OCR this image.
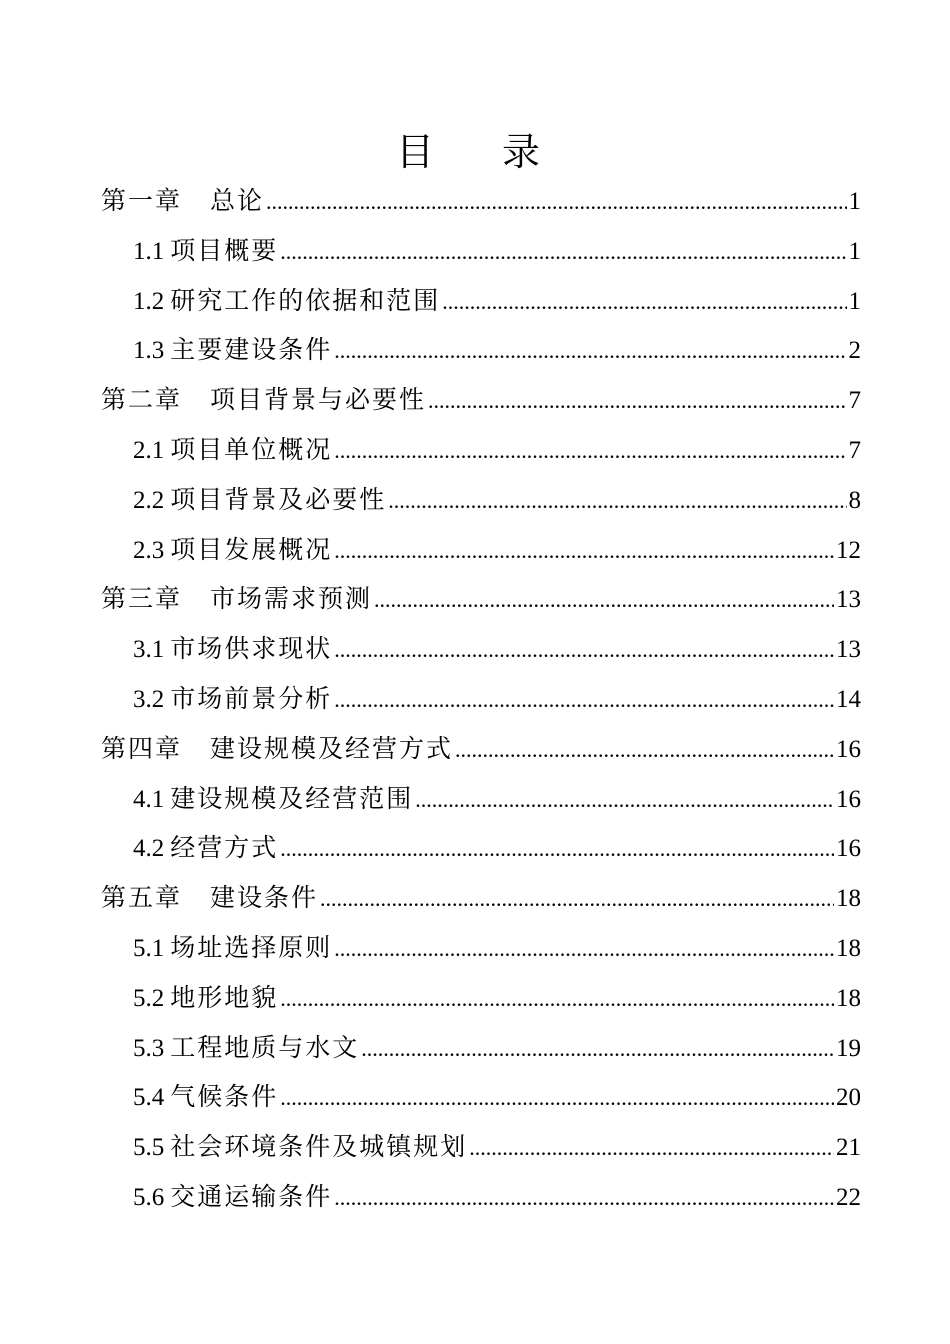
目 录
第一章 总论 .....	1
1.1 项目概要 .....	1
1.2 研究工作的依据和范围 .....	1
1.3 主要建设条件 .....	2
第二章 项目背景与必要性 .....	7
2.1 项目单位概况 .....	7
2.2 项目背景及必要性 .....	8
2.3 项目发展概况 .....	12
第三章 市场需求预测 .....	13
3.1 市场供求现状 .....	13
3.2 市场前景分析 .....	14
第四章 建设规模及经营方式 .....	16
4.1 建设规模及经营范围 .....	16
4.2 经营方式 .....	16
第五章 建设条件 .....	18
5.1 场址选择原则 .....	18
5.2 地形地貌 .....	18
5.3 工程地质与水文 .....	19
5.4 气候条件 .....	20
5.5 社会环境条件及城镇规划 .....	21
5.6 交通运输条件 .....	22
